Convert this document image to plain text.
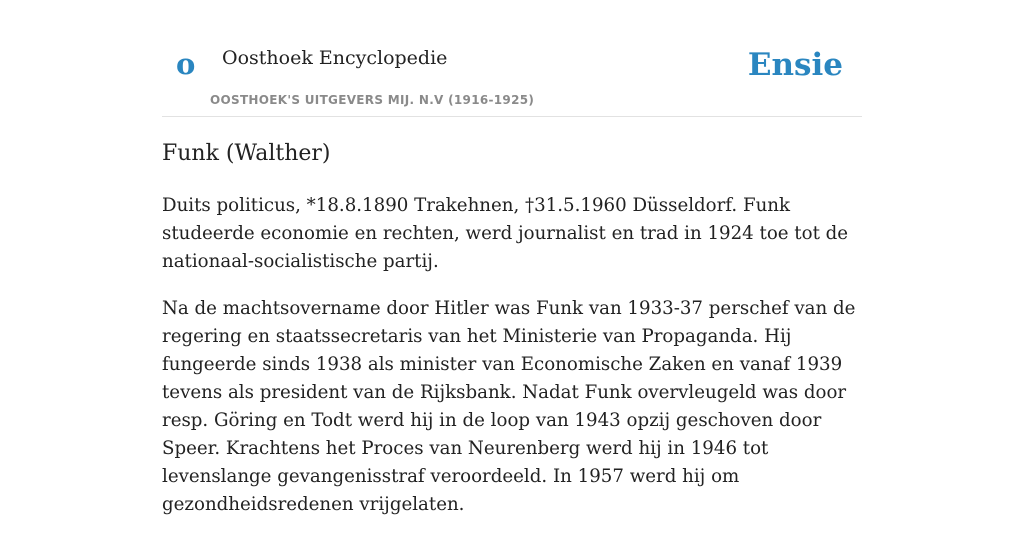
o Oosthoek Encyclopedie
OOSTHOEK'S UITGEVERS MIJ. N.V (1916-1925)
Ensie
Funk (Walther)

Duits politicus, *18.8.1890 Trakehnen, †31.5.1960 Düsseldorf. Funk studeerde economie en rechten, werd journalist en trad in 1924 toe tot de nationaal-socialistische partij.

Na de machtsovername door Hitler was Funk van 1933-37 perschef van de regering en staatssecretaris van het Ministerie van Propaganda. Hij fungeerde sinds 1938 als minister van Economische Zaken en vanaf 1939 tevens als president van de Rijksbank. Nadat Funk overvleugeld was door resp. Göring en Todt werd hij in de loop van 1943 opzij geschoven door Speer. Krachtens het Proces van Neurenberg werd hij in 1946 tot levenslange gevangenisstraf veroordeeld. In 1957 werd hij om gezondheidsredenen vrijgelaten.
